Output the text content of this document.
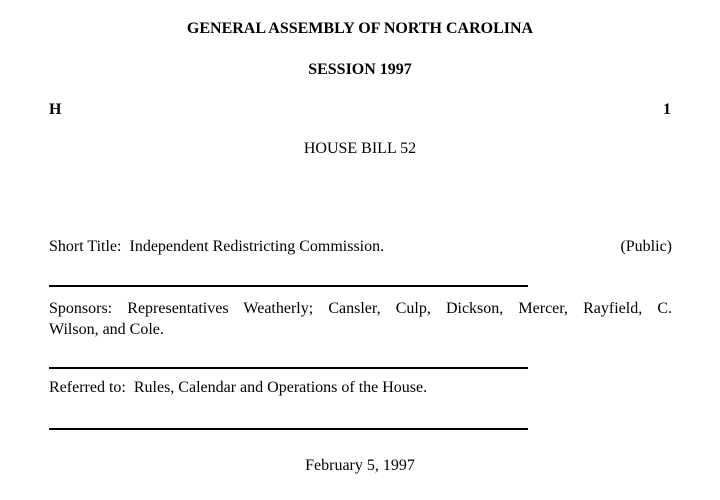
GENERAL ASSEMBLY OF NORTH CAROLINA
SESSION 1997
H	1
HOUSE BILL 52
Short Title: Independent Redistricting Commission.	(Public)
Sponsors: Representatives Weatherly; Cansler, Culp, Dickson, Mercer, Rayfield, C.
Wilson, and Cole.
Referred to: Rules, Calendar and Operations of the House.
February 5, 1997
